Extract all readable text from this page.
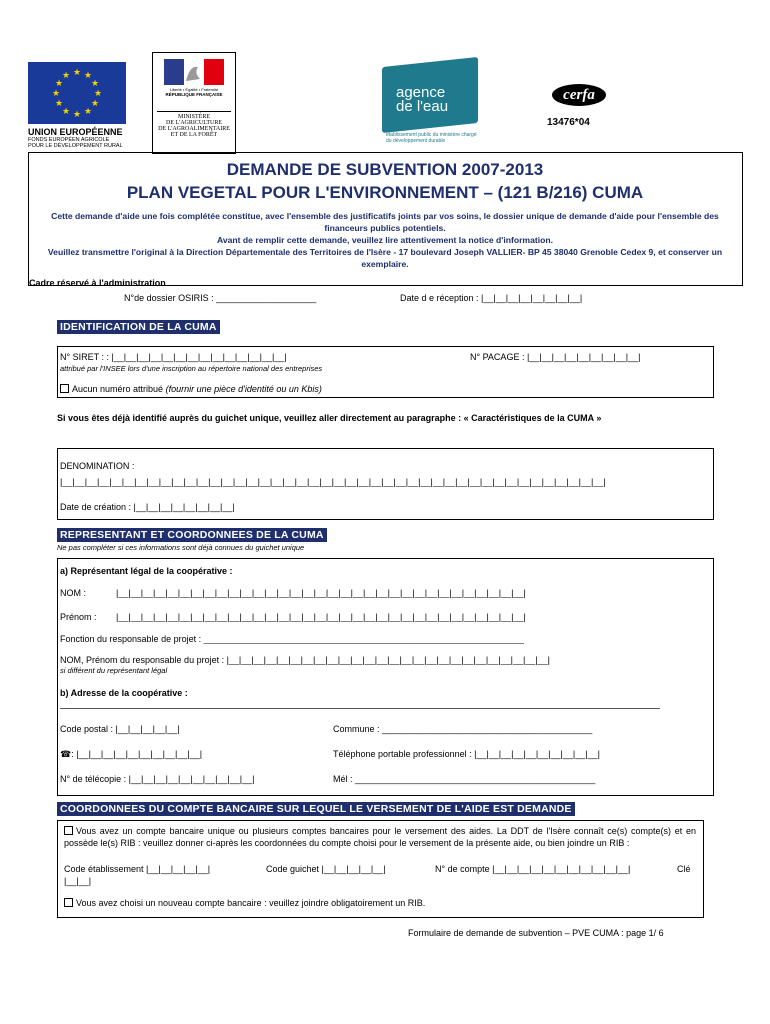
★ ★
★
★
★
★
★
★
★
★
★
★
UNION EUROPÉENNE
FONDS EUROPÉEN AGRICOLE
POUR LE DÉVELOPPEMENT RURAL
Liberté • Égalité • Fraternité
RÉPUBLIQUE FRANÇAISE
MINISTÈRE
DE L'AGRICULTURE
DE L'AGROALIMENTAIRE
ET DE LA FORÊT
agence
de l'eau
établissement public du ministère chargé du développement durable
cerfa
13476*04
DEMANDE DE SUBVENTION 2007-2013
PLAN VEGETAL POUR L'ENVIRONNEMENT – (121 B/216) CUMA
Cette demande d'aide une fois complétée constitue, avec l'ensemble des justificatifs joints par vos soins, le dossier unique de demande d'aide pour l'ensemble des financeurs publics potentiels.
Avant de remplir cette demande, veuillez lire attentivement la notice d'information.
Veuillez transmettre l'original à la Direction Départementale des Territoires de l'Isère - 17 boulevard Joseph VALLIER- BP 45 38040 Grenoble Cedex 9, et conserver un exemplaire.
Cadre réservé à l'administration
N°de dossier OSIRIS : ____________________	Date d e réception : |__|__|__|__|__|__|__|__|
IDENTIFICATION DE LA CUMA
N° SIRET : : |__|__|__|__|__|__|__|__|__|__|__|__|__|__|	N° PACAGE : |__|__|__|__|__|__|__|__|__|
attribué par l'INSEE lors d'une inscription au répertoire national des entreprises
Aucun numéro attribué (fournir une pièce d'identité ou un Kbis)
Si vous êtes déjà identifié auprès du guichet unique, veuillez aller directement au paragraphe : « Caractéristiques de la CUMA »
DENOMINATION :
|__|__|__|__|__|__|__|__|__|__|__|__|__|__|__|__|__|__|__|__|__|__|__|__|__|__|__|__|__|__|__|__|__|__|__|__|__|__|__|__|__|__|__|__|
Date de création : |__|__|__|__|__|__|__|__|
REPRESENTANT ET COORDONNEES DE LA CUMA
Ne pas compléter si ces informations sont déjà connues du guichet unique
a) Représentant légal de la coopérative :
NOM :	|__|__|__|__|__|__|__|__|__|__|__|__|__|__|__|__|__|__|__|__|__|__|__|__|__|__|__|__|__|__|__|__|__|
Prénom : |__|__|__|__|__|__|__|__|__|__|__|__|__|__|__|__|__|__|__|__|__|__|__|__|__|__|__|__|__|__|__|__|__|
Fonction du responsable de projet : ________________________________________________________________
NOM, Prénom du responsable du projet : |__|__|__|__|__|__|__|__|__|__|__|__|__|__|__|__|__|__|__|__|__|__|__|__|__|__|
si différent du représentant légal
b) Adresse de la coopérative :
Code postal : |__|__|__|__|__|	Commune : __________________________________________
☎: |__|__|__|__|__|__|__|__|__|__|	Téléphone portable professionnel : |__|__|__|__|__|__|__|__|__|__|
N° de télécopie : |__|__|__|__|__|__|__|__|__|__|	Mél : ________________________________________________
COORDONNEES DU COMPTE BANCAIRE SUR LEQUEL LE VERSEMENT DE L'AIDE EST DEMANDE
Vous avez un compte bancaire unique ou plusieurs comptes bancaires pour le versement des aides. La DDT de l'Isère connaît ce(s) compte(s) et en possède le(s) RIB : veuillez donner ci-après les coordonnées du compte choisi pour le versement de la présente aide, ou bien joindre un RIB :
Code établissement |__|__|__|__|__|	Code guichet |__|__|__|__|__|	N° de compte |__|__|__|__|__|__|__|__|__|__|__|	Clé
|__|__|
Vous avez choisi un nouveau compte bancaire : veuillez joindre obligatoirement un RIB.
Formulaire de demande de subvention – PVE CUMA : page 1/ 6
